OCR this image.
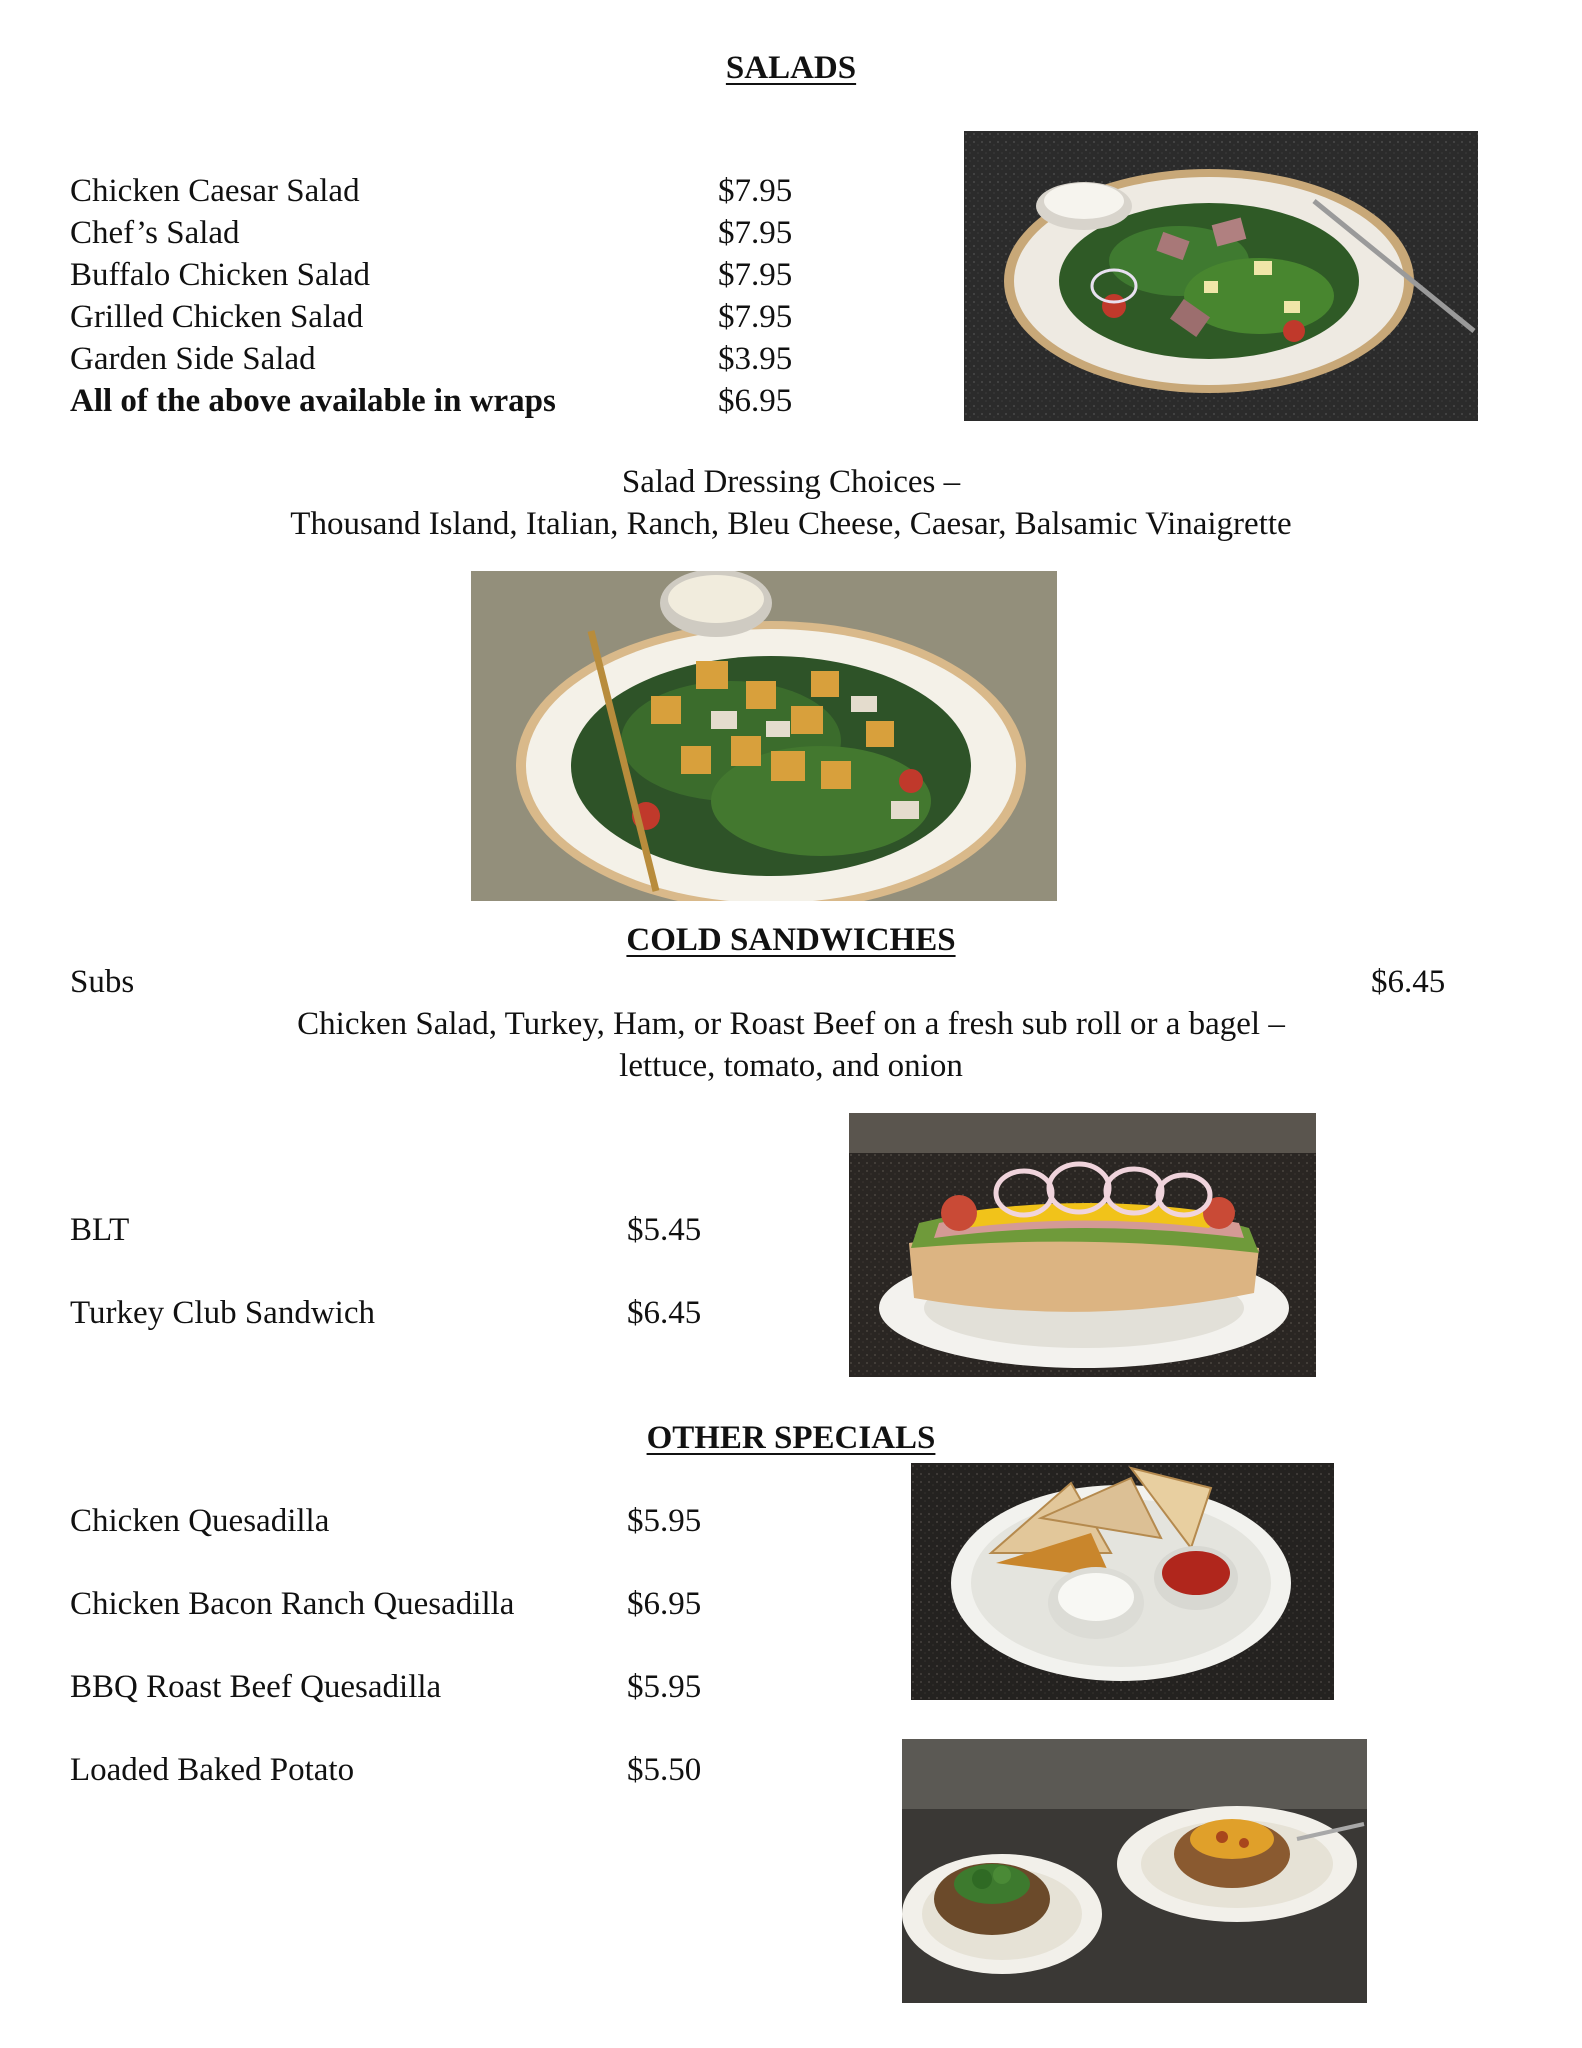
SALADS
Chicken Caesar Salad	$7.95
Chef’s Salad	$7.95
Buffalo Chicken Salad	$7.95
Grilled Chicken Salad	$7.95
Garden Side Salad	$3.95
All of the above available in wraps	$6.95
Salad Dressing Choices –
Thousand Island, Italian, Ranch, Bleu Cheese, Caesar, Balsamic Vinaigrette
COLD SANDWICHES
Subs	$6.45
Chicken Salad, Turkey, Ham, or Roast Beef on a fresh sub roll or a bagel –
lettuce, tomato, and onion
BLT	$5.45
Turkey Club Sandwich	$6.45
OTHER SPECIALS
Chicken Quesadilla	$5.95
Chicken Bacon Ranch Quesadilla	$6.95
BBQ Roast Beef Quesadilla	$5.95
Loaded Baked Potato	$5.50
